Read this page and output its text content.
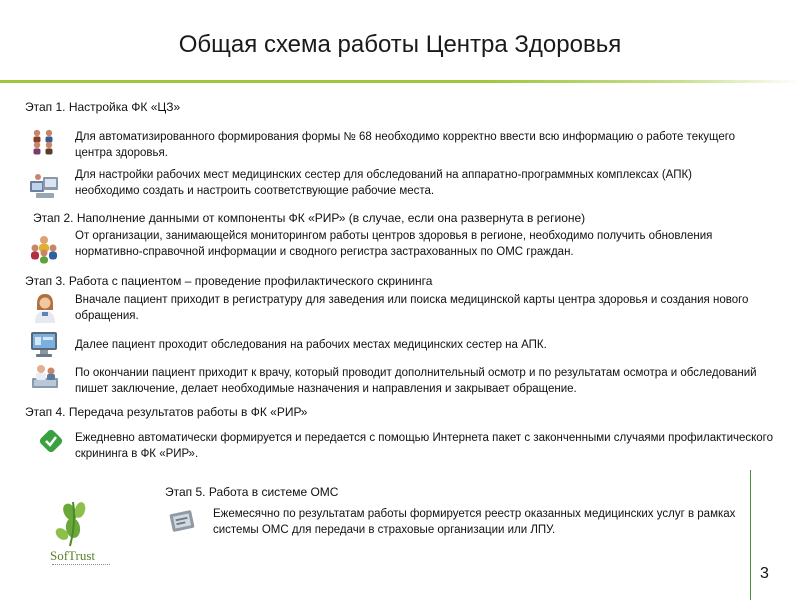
Общая схема работы Центра Здоровья
Этап 1. Настройка ФК «ЦЗ»
Для автоматизированного формирования формы № 68 необходимо корректно ввести всю информацию о работе текущего центра здоровья.
Для настройки рабочих мест медицинских сестер для обследований на аппаратно-программных комплексах (АПК) необходимо создать и настроить соответствующие рабочие места.
Этап 2. Наполнение данными от компоненты ФК «РИР» (в случае, если она развернута в регионе)
От организации, занимающейся мониторингом работы центров здоровья в регионе, необходимо получить обновления нормативно-справочной информации и сводного регистра застрахованных по ОМС граждан.
Этап 3. Работа с пациентом – проведение профилактического скрининга
Вначале пациент приходит в регистратуру для заведения или поиска медицинской карты центра здоровья и создания нового обращения.
Далее пациент проходит обследования на рабочих местах медицинских сестер на АПК.
По окончании пациент приходит к врачу, который проводит дополнительный осмотр и по результатам осмотра и обследований пишет заключение, делает необходимые назначения и направления и закрывает обращение.
Этап 4. Передача результатов работы в ФК «РИР»
Ежедневно автоматически формируется и передается с помощью Интернета пакет с законченными случаями профилактического скрининга в ФК «РИР».
Этап 5. Работа в системе ОМС
Ежемесячно по результатам работы формируется реестр оказанных медицинских услуг в рамках системы ОМС для передачи в страховые организации или ЛПУ.
SofTrust
3
